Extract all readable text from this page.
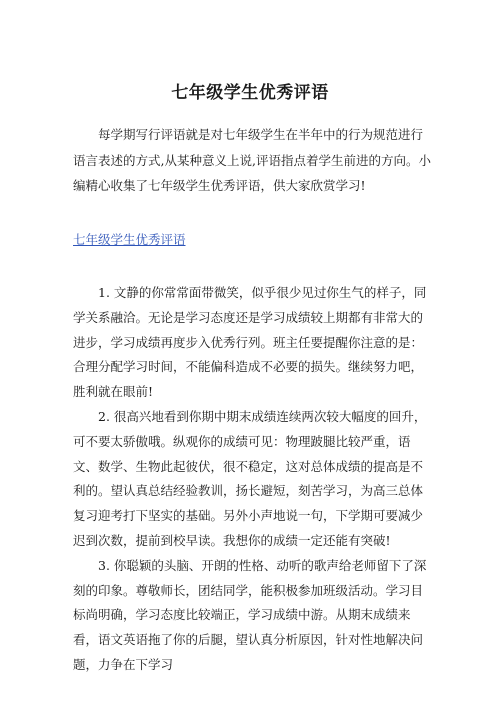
七年级学生优秀评语

每学期写行评语就是对七年级学生在半年中的行为规范进行语言表述的方式,从某种意义上说,评语指点着学生前进的方向。小编精心收集了七年级学生优秀评语，供大家欣赏学习!

七年级学生优秀评语

1. 文静的你常常面带微笑，似乎很少见过你生气的样子，同学关系融洽。无论是学习态度还是学习成绩较上期都有非常大的进步，学习成绩再度步入优秀行列。班主任要提醒你注意的是：合理分配学习时间，不能偏科造成不必要的损失。继续努力吧，胜利就在眼前!

2. 很高兴地看到你期中期末成绩连续两次较大幅度的回升，可不要太骄傲哦。纵观你的成绩可见：物理跛腿比较严重，语文、数学、生物此起彼伏，很不稳定，这对总体成绩的提高是不利的。望认真总结经验教训，扬长避短，刻苦学习，为高三总体复习迎考打下坚实的基础。另外小声地说一句，下学期可要减少迟到次数，提前到校早读。我想你的成绩一定还能有突破!

3. 你聪颖的头脑、开朗的性格、动听的歌声给老师留下了深刻的印象。尊敬师长，团结同学，能积极参加班级活动。学习目标尚明确，学习态度比较端正，学习成绩中游。从期末成绩来看，语文英语拖了你的后腿，望认真分析原因，针对性地解决问题，力争在下学习
